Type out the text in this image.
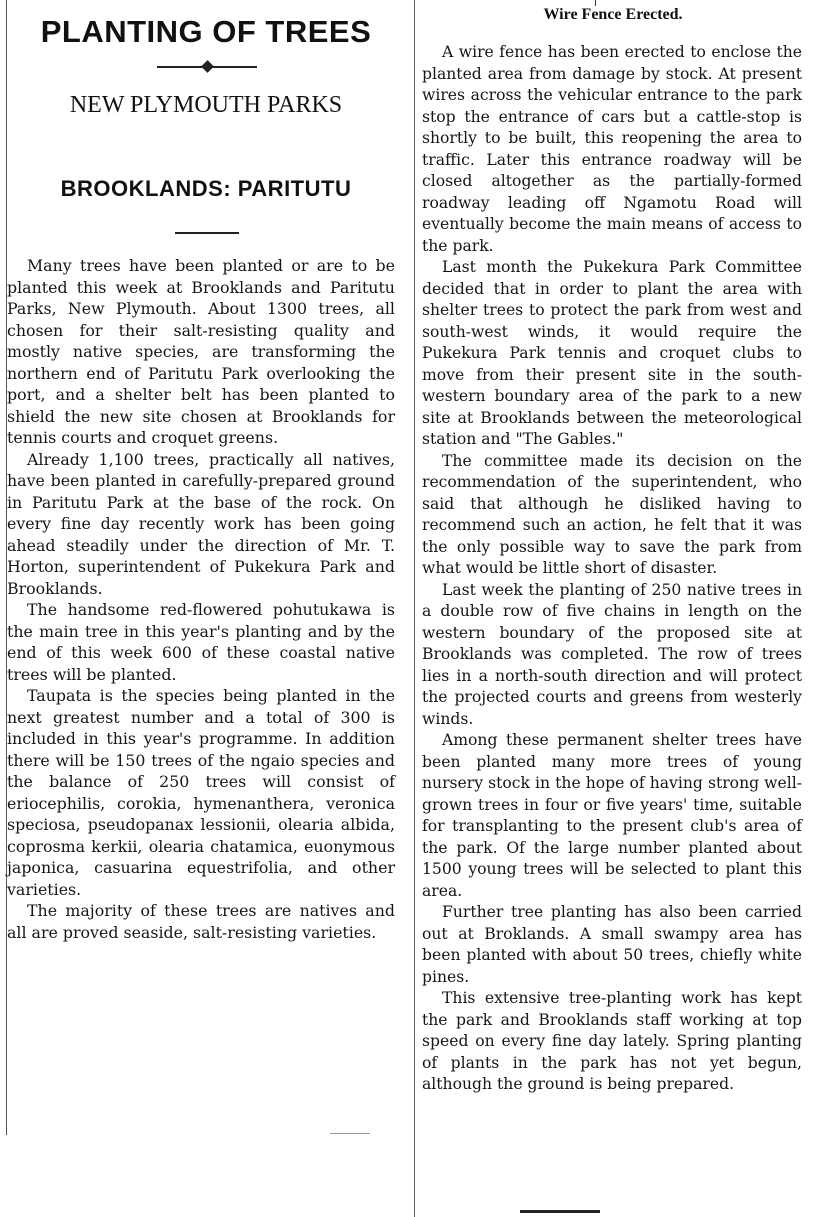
PLANTING OF TREES
NEW PLYMOUTH PARKS
BROOKLANDS: PARITUTU

Many trees have been planted or are to be planted this week at Brooklands and Paritutu Parks, New Plymouth. About 1300 trees, all chosen for their salt-resisting quality and mostly native species, are transforming the northern end of Paritutu Park overlooking the port, and a shelter belt has been planted to shield the new site chosen at Brooklands for tennis courts and croquet greens.

Already 1,100 trees, practically all natives, have been planted in carefully-prepared ground in Paritutu Park at the base of the rock. On every fine day recently work has been going ahead steadily under the direction of Mr. T. Horton, superintendent of Pukekura Park and Brooklands.

The handsome red-flowered pohutukawa is the main tree in this year's planting and by the end of this week 600 of these coastal native trees will be planted.

Taupata is the species being planted in the next greatest number and a total of 300 is included in this year's programme. In addition there will be 150 trees of the ngaio species and the balance of 250 trees will consist of eriocephilis, corokia, hymenanthera, veronica speciosa, pseudopanax lessionii, olearia albida, coprosma kerkii, olearia chatamica, euonymous japonica, casuarina equestrifolia, and other varieties.

The majority of these trees are natives and all are proved seaside, salt-resisting varieties.

Wire Fence Erected.

A wire fence has been erected to enclose the planted area from damage by stock. At present wires across the vehicular entrance to the park stop the entrance of cars but a cattle-stop is shortly to be built, this reopening the area to traffic. Later this entrance roadway will be closed altogether as the partially-formed roadway leading off Ngamotu Road will eventually become the main means of access to the park.

Last month the Pukekura Park Committee decided that in order to plant the area with shelter trees to protect the park from west and south-west winds, it would require the Pukekura Park tennis and croquet clubs to move from their present site in the south-western boundary area of the park to a new site at Brooklands between the meteorological station and "The Gables."

The committee made its decision on the recommendation of the superintendent, who said that although he disliked having to recommend such an action, he felt that it was the only possible way to save the park from what would be little short of disaster.

Last week the planting of 250 native trees in a double row of five chains in length on the western boundary of the proposed site at Brooklands was completed. The row of trees lies in a north-south direction and will protect the projected courts and greens from westerly winds.

Among these permanent shelter trees have been planted many more trees of young nursery stock in the hope of having strong well-grown trees in four or five years' time, suitable for transplanting to the present club's area of the park. Of the large number planted about 1500 young trees will be selected to plant this area.

Further tree planting has also been carried out at Broklands. A small swampy area has been planted with about 50 trees, chiefly white pines.

This extensive tree-planting work has kept the park and Brooklands staff working at top speed on every fine day lately. Spring planting of plants in the park has not yet begun, although the ground is being prepared.
